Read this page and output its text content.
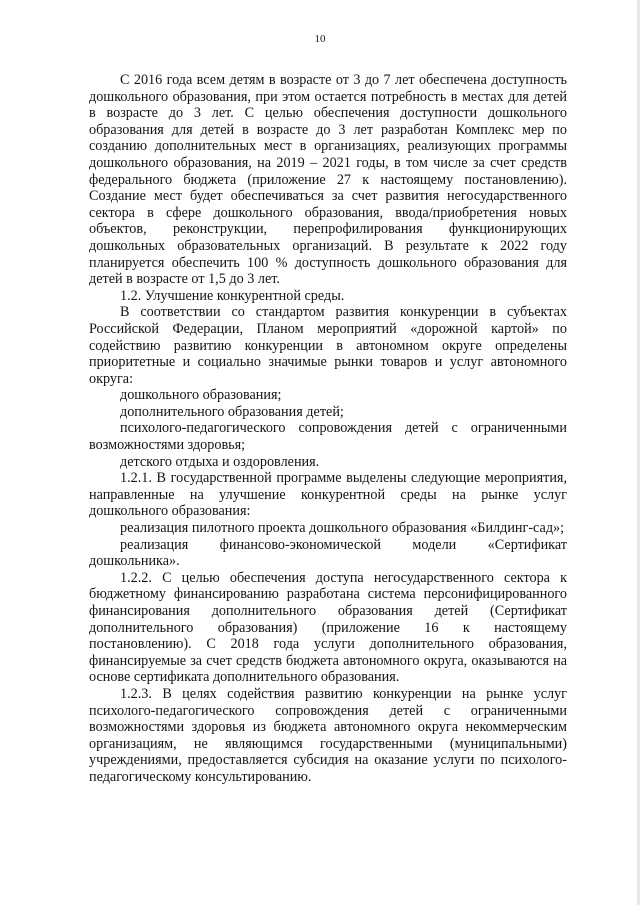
10

С 2016 года всем детям в возрасте от 3 до 7 лет обеспечена доступность дошкольного образования, при этом остается потребность в местах для детей в возрасте до 3 лет. С целью обеспечения доступности дошкольного образования для детей в возрасте до 3 лет разработан Комплекс мер по созданию дополнительных мест в организациях, реализующих программы дошкольного образования, на 2019 – 2021 годы, в том числе за счет средств федерального бюджета (приложение 27 к настоящему постановлению). Создание мест будет обеспечиваться за счет развития негосударственного сектора в сфере дошкольного образования, ввода/приобретения новых объектов, реконструкции, перепрофилирования функционирующих дошкольных образовательных организаций. В результате к 2022 году планируется обеспечить 100 % доступность дошкольного образования для детей в возрасте от 1,5 до 3 лет.

1.2. Улучшение конкурентной среды.

В соответствии со стандартом развития конкуренции в субъектах Российской Федерации, Планом мероприятий «дорожной картой» по содействию развитию конкуренции в автономном округе определены приоритетные и социально значимые рынки товаров и услуг автономного округа:

дошкольного образования;

дополнительного образования детей;

психолого-педагогического сопровождения детей с ограниченными возможностями здоровья;

детского отдыха и оздоровления.

1.2.1. В государственной программе выделены следующие мероприятия, направленные на улучшение конкурентной среды на рынке услуг дошкольного образования:

реализация пилотного проекта дошкольного образования «Билдинг-сад»;

реализация финансово-экономической модели «Сертификат дошкольника».

1.2.2. С целью обеспечения доступа негосударственного сектора к бюджетному финансированию разработана система персонифицированного финансирования дополнительного образования детей (Сертификат дополнительного образования) (приложение 16 к настоящему постановлению). С 2018 года услуги дополнительного образования, финансируемые за счет средств бюджета автономного округа, оказываются на основе сертификата дополнительного образования.

1.2.3. В целях содействия развитию конкуренции на рынке услуг психолого-педагогического сопровождения детей с ограниченными возможностями здоровья из бюджета автономного округа некоммерческим организациям, не являющимся государственными (муниципальными) учреждениями, предоставляется субсидия на оказание услуги по психолого-педагогическому консультированию.
